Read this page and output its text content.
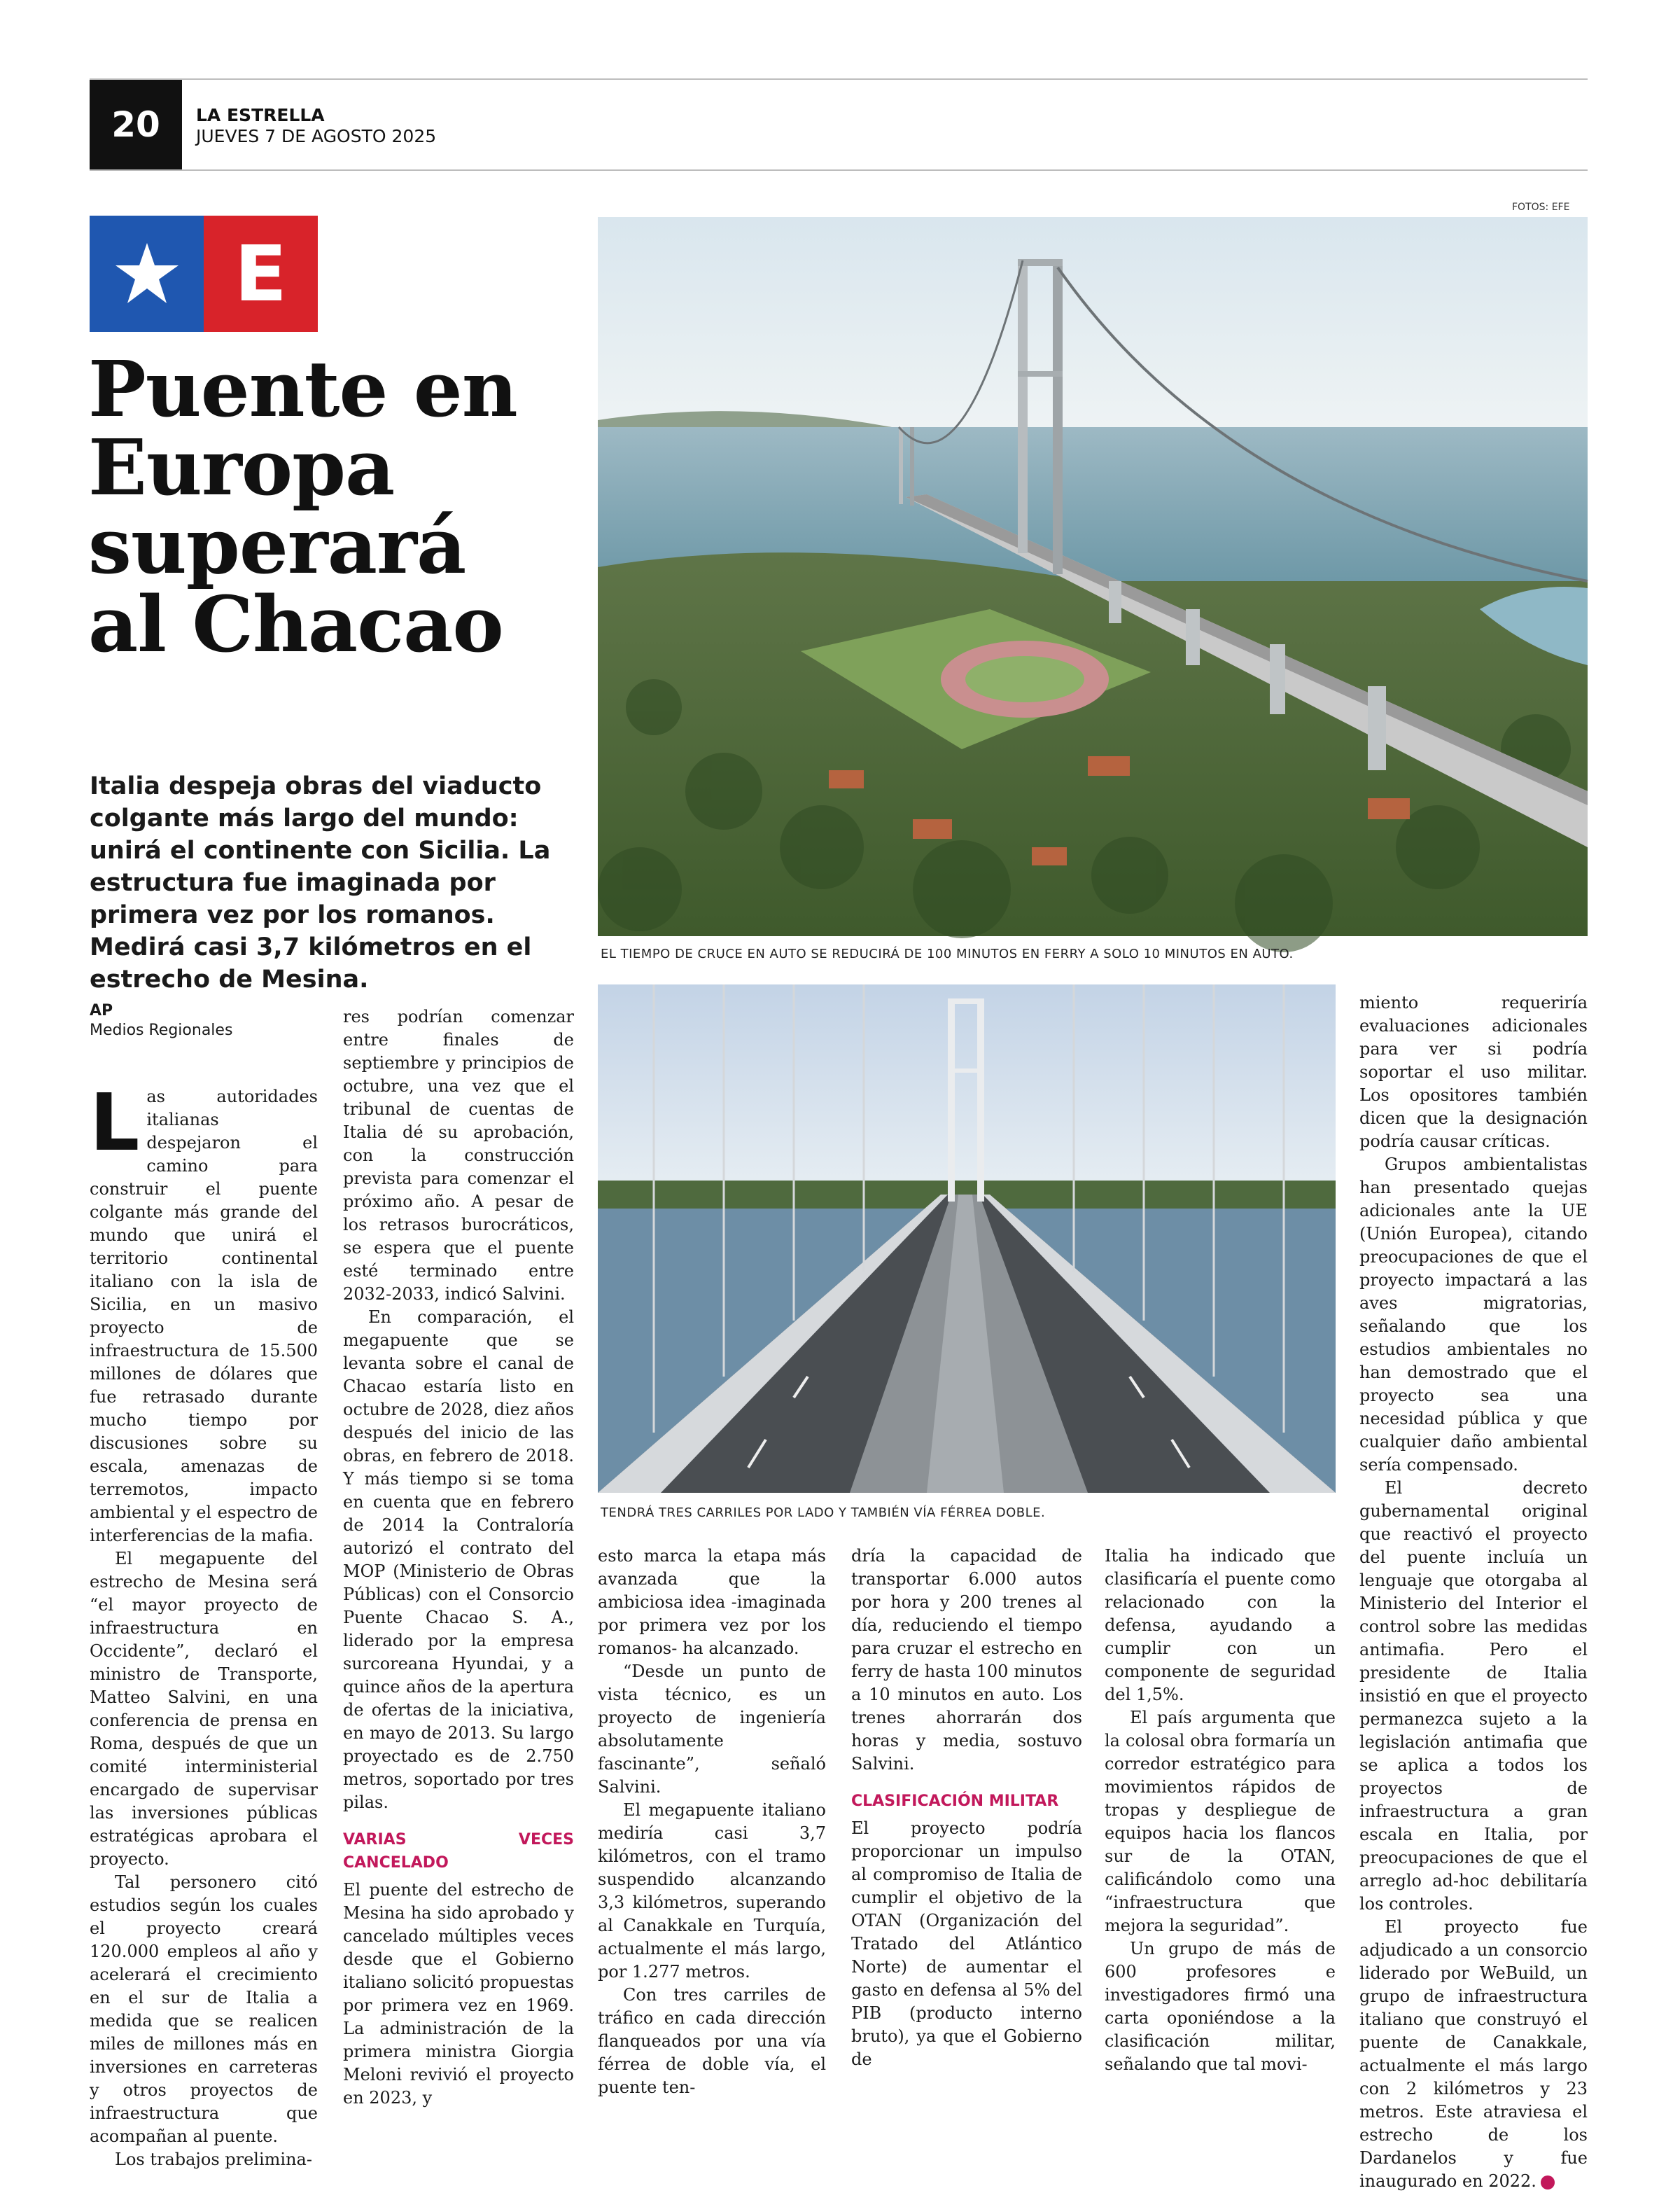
20	LA ESTRELLA
JUEVES 7 DE AGOSTO 2025
E
Puente en Europa superará al Chacao

Italia despeja obras del viaducto colgante más largo del mundo: unirá el continente con Sicilia. La estructura fue imaginada por primera vez por los romanos. Medirá casi 3,7 kilómetros en el estrecho de Mesina.

FOTOS: EFE
EL TIEMPO DE CRUCE EN AUTO SE REDUCIRÁ DE 100 MINUTOS EN FERRY A SOLO 10 MINUTOS EN AUTO.
TENDRÁ TRES CARRILES POR LADO Y TAMBIÉN VÍA FÉRREA DOBLE.
AP
Medios Regionales

Las autoridades italianas despejaron el camino para construir el puente colgante más grande del mundo que unirá el territorio continental italiano con la isla de Sicilia, en un masivo proyecto de infraestructura de 15.500 millones de dólares que fue retrasado durante mucho tiempo por discusiones sobre su escala, amenazas de terremotos, impacto ambiental y el espectro de interferencias de la mafia.

El megapuente del estrecho de Mesina será “el mayor proyecto de infraestructura en Occidente”, declaró el ministro de Transporte, Matteo Salvini, en una conferencia de prensa en Roma, después de que un comité interministerial encargado de supervisar las inversiones públicas estratégicas aprobara el proyecto.

Tal personero citó estudios según los cuales el proyecto creará 120.000 empleos al año y acelerará el crecimiento en el sur de Italia a medida que se realicen miles de millones más en inversiones en carreteras y otros proyectos de infraestructura que acompañan al puente.

Los trabajos prelimina-

res podrían comenzar entre finales de septiembre y principios de octubre, una vez que el tribunal de cuentas de Italia dé su aprobación, con la construcción prevista para comenzar el próximo año. A pesar de los retrasos burocráticos, se espera que el puente esté terminado entre 2032-2033, indicó Salvini.

En comparación, el megapuente que se levanta sobre el canal de Chacao estaría listo en octubre de 2028, diez años después del inicio de las obras, en febrero de 2018. Y más tiempo si se toma en cuenta que en febrero de 2014 la Contraloría autorizó el contrato del MOP (Ministerio de Obras Públicas) con el Consorcio Puente Chacao S. A., liderado por la empresa surcoreana Hyundai, y a quince años de la apertura de ofertas de la iniciativa, en mayo de 2013. Su largo proyectado es de 2.750 metros, soportado por tres pilas.

VARIAS VECES CANCELADO

El puente del estrecho de Mesina ha sido aprobado y cancelado múltiples veces desde que el Gobierno italiano solicitó propuestas por primera vez en 1969. La administración de la primera ministra Giorgia Meloni revivió el proyecto en 2023, y

esto marca la etapa más avanzada que la ambiciosa idea -imaginada por primera vez por los romanos- ha alcanzado.

“Desde un punto de vista técnico, es un proyecto de ingeniería absolutamente fascinante”, señaló Salvini.

El megapuente italiano mediría casi 3,7 kilómetros, con el tramo suspendido alcanzando 3,3 kilómetros, superando al Canakkale en Turquía, actualmente el más largo, por 1.277 metros.

Con tres carriles de tráfico en cada dirección flanqueados por una vía férrea de doble vía, el puente ten-

dría la capacidad de transportar 6.000 autos por hora y 200 trenes al día, reduciendo el tiempo para cruzar el estrecho en ferry de hasta 100 minutos a 10 minutos en auto. Los trenes ahorrarán dos horas y media, sostuvo Salvini.

CLASIFICACIÓN MILITAR

El proyecto podría proporcionar un impulso al compromiso de Italia de cumplir el objetivo de la OTAN (Organización del Tratado del Atlántico Norte) de aumentar el gasto en defensa al 5% del PIB (producto interno bruto), ya que el Gobierno de

Italia ha indicado que clasificaría el puente como relacionado con la defensa, ayudando a cumplir con un componente de seguridad del 1,5%.

El país argumenta que la colosal obra formaría un corredor estratégico para movimientos rápidos de tropas y despliegue de equipos hacia los flancos sur de la OTAN, calificándolo como una “infraestructura que mejora la seguridad”.

Un grupo de más de 600 profesores e investigadores firmó una carta oponiéndose a la clasificación militar, señalando que tal movi-

miento requeriría evaluaciones adicionales para ver si podría soportar el uso militar. Los opositores también dicen que la designación podría causar críticas.

Grupos ambientalistas han presentado quejas adicionales ante la UE (Unión Europea), citando preocupaciones de que el proyecto impactará a las aves migratorias, señalando que los estudios ambientales no han demostrado que el proyecto sea una necesidad pública y que cualquier daño ambiental sería compensado.

El decreto gubernamental original que reactivó el proyecto del puente incluía un lenguaje que otorgaba al Ministerio del Interior el control sobre las medidas antimafia. Pero el presidente de Italia insistió en que el proyecto permanezca sujeto a la legislación antimafia que se aplica a todos los proyectos de infraestructura a gran escala en Italia, por preocupaciones de que el arreglo ad-hoc debilitaría los controles.

El proyecto fue adjudicado a un consorcio liderado por WeBuild, un grupo de infraestructura italiano que construyó el puente de Canakkale, actualmente el más largo con 2 kilómetros y 23 metros. Este atraviesa el estrecho de los Dardanelos y fue inaugurado en 2022.
